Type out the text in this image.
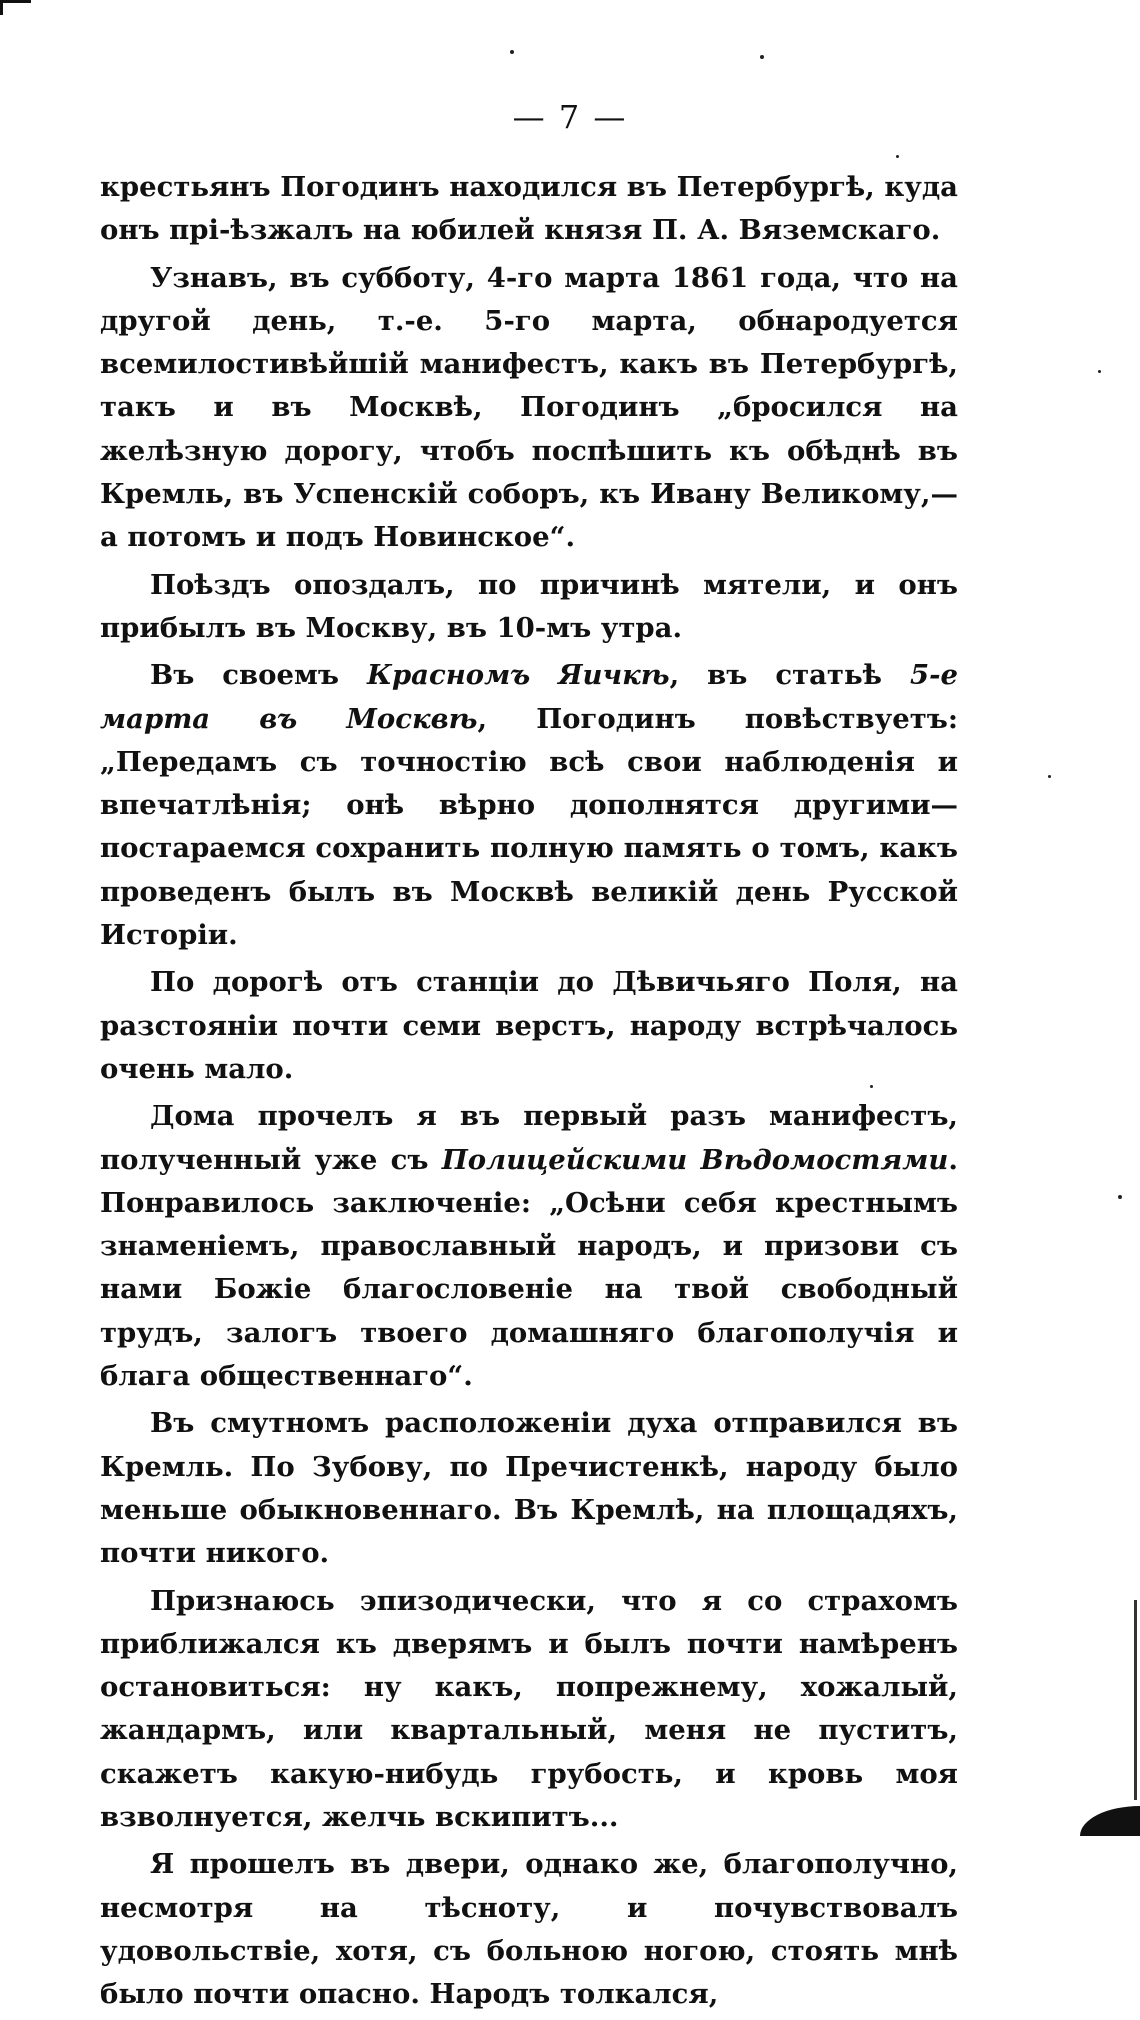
— 7 —

крестьянъ Погодинъ находился въ Петербургѣ, куда онъ прі-ѣзжалъ на юбилей князя П. А. Вяземскаго.

Узнавъ, въ субботу, 4-го марта 1861 года, что на другой день, т.-е. 5-го марта, обнародуется всемилостивѣйшій манифестъ, какъ въ Петербургѣ, такъ и въ Москвѣ, Погодинъ „бросился на желѣзную дорогу, чтобъ поспѣшить къ обѣднѣ въ Кремль, въ Успенскій соборъ, къ Ивану Великому,—а потомъ и подъ Новинское“.

Поѣздъ опоздалъ, по причинѣ мятели, и онъ прибылъ въ Москву, въ 10-мъ утра.

Въ своемъ Красномъ Яичкѣ, въ статьѣ 5-е марта въ Москвѣ, Погодинъ повѣствуетъ: „Передамъ съ точностію всѣ свои наблюденія и впечатлѣнія; онѣ вѣрно дополнятся другими—постараемся сохранить полную память о томъ, какъ проведенъ былъ въ Москвѣ великій день Русской Исторіи.

По дорогѣ отъ станціи до Дѣвичьяго Поля, на разстояніи почти семи верстъ, народу встрѣчалось очень мало.

Дома прочелъ я въ первый разъ манифестъ, полученный уже съ Полицейскими Вѣдомостями. Понравилось заключеніе: „Осѣни себя крестнымъ знаменіемъ, православный народъ, и призови съ нами Божіе благословеніе на твой свободный трудъ, залогъ твоего домашняго благополучія и блага общественнаго“.

Въ смутномъ расположеніи духа отправился въ Кремль. По Зубову, по Пречистенкѣ, народу было меньше обыкновеннаго. Въ Кремлѣ, на площадяхъ, почти никого.

Признаюсь эпизодически, что я со страхомъ приближался къ дверямъ и былъ почти намѣренъ остановиться: ну какъ, попрежнему, хожалый, жандармъ, или квартальный, меня не пуститъ, скажетъ какую-нибудь грубость, и кровь моя взволнуется, желчь вскипитъ...

Я прошелъ въ двери, однако же, благополучно, несмотря на тѣсноту, и почувствовалъ удовольствіе, хотя, съ больною ногою, стоять мнѣ было почти опасно. Народъ толкался,
